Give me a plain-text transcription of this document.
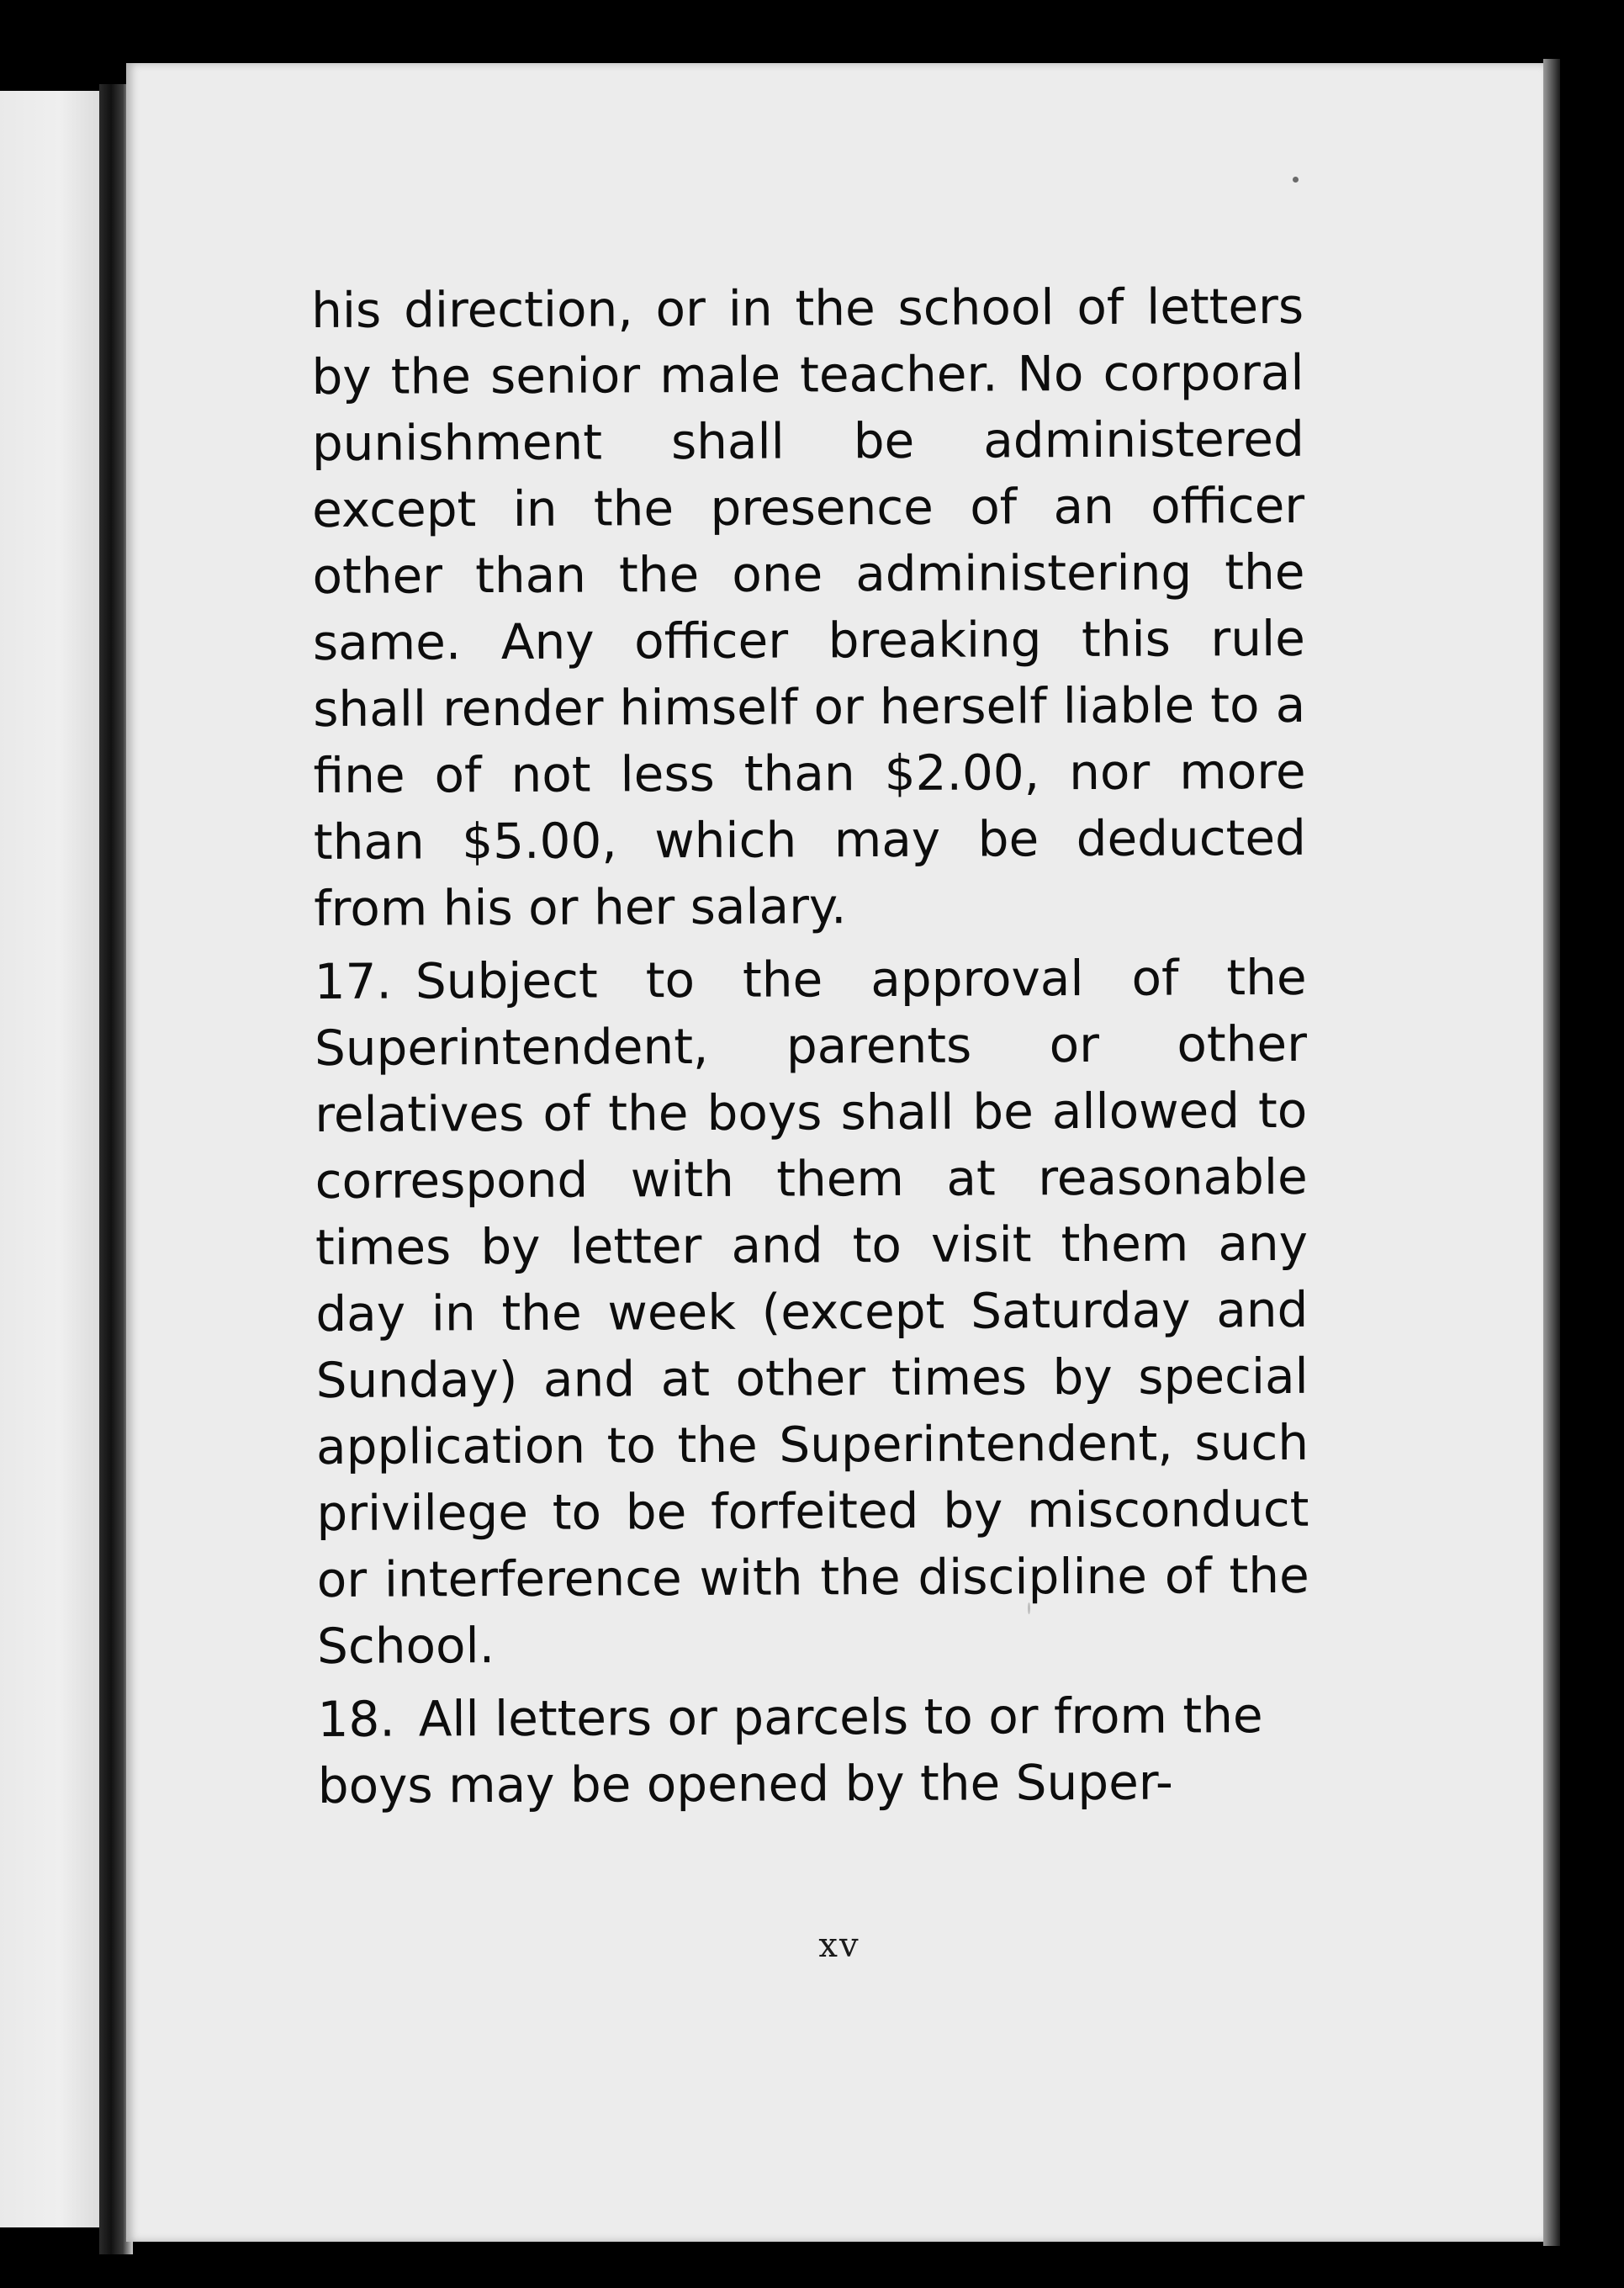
his direction, or in the school of letters by the senior male teacher. No corporal punishment shall be administered except in the presence of an officer other than the one administering the same. Any officer breaking this rule shall render himself or herself liable to a fine of not less than $2.00, nor more than $5.00, which may be deducted from his or her salary.

17. Subject to the approval of the Superintendent, parents or other relatives of the boys shall be allowed to correspond with them at reasonable times by letter and to visit them any day in the week (except Saturday and Sunday) and at other times by special application to the Superintendent, such privilege to be forfeited by misconduct or interference with the discipline of the School.

18. All letters or parcels to or from the boys may be opened by the Super-

xv
